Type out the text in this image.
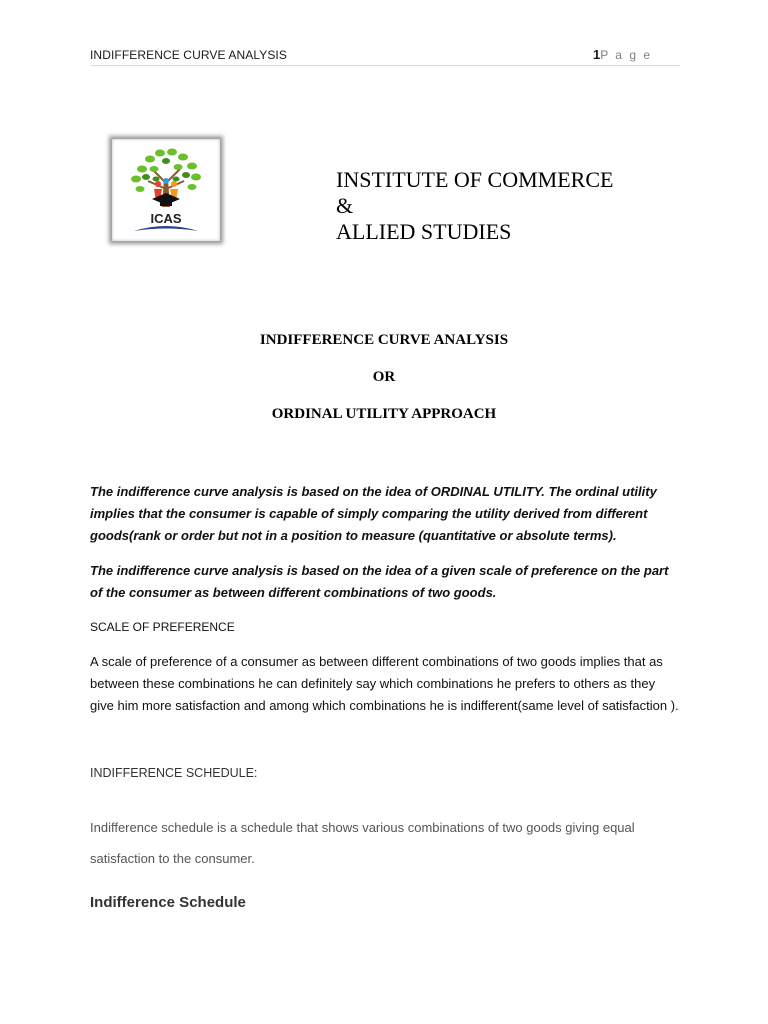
INDIFFERENCE CURVE ANALYSIS	1P a g e
ICAS
INSTITUTE OF COMMERCE
&
ALLIED STUDIES
INDIFFERENCE CURVE ANALYSIS
OR
ORDINAL UTILITY APPROACH
The indifference curve analysis is based on the idea of ORDINAL UTILITY. The ordinal utility implies that the consumer is capable of simply comparing the utility derived from different goods(rank or order but not in a position to measure (quantitative or absolute terms).
The indifference curve analysis is based on the idea of a given scale of preference on the part of the consumer as between different combinations of two goods.
SCALE OF PREFERENCE
A scale of preference of a consumer as between different combinations of two goods implies that as between these combinations he can definitely say which combinations he prefers to others as they give him more satisfaction and among which combinations he is indifferent(same level of satisfaction ).
INDIFFERENCE SCHEDULE:
Indifference schedule is a schedule that shows various combinations of two goods giving equal satisfaction to the consumer.
Indifference Schedule
